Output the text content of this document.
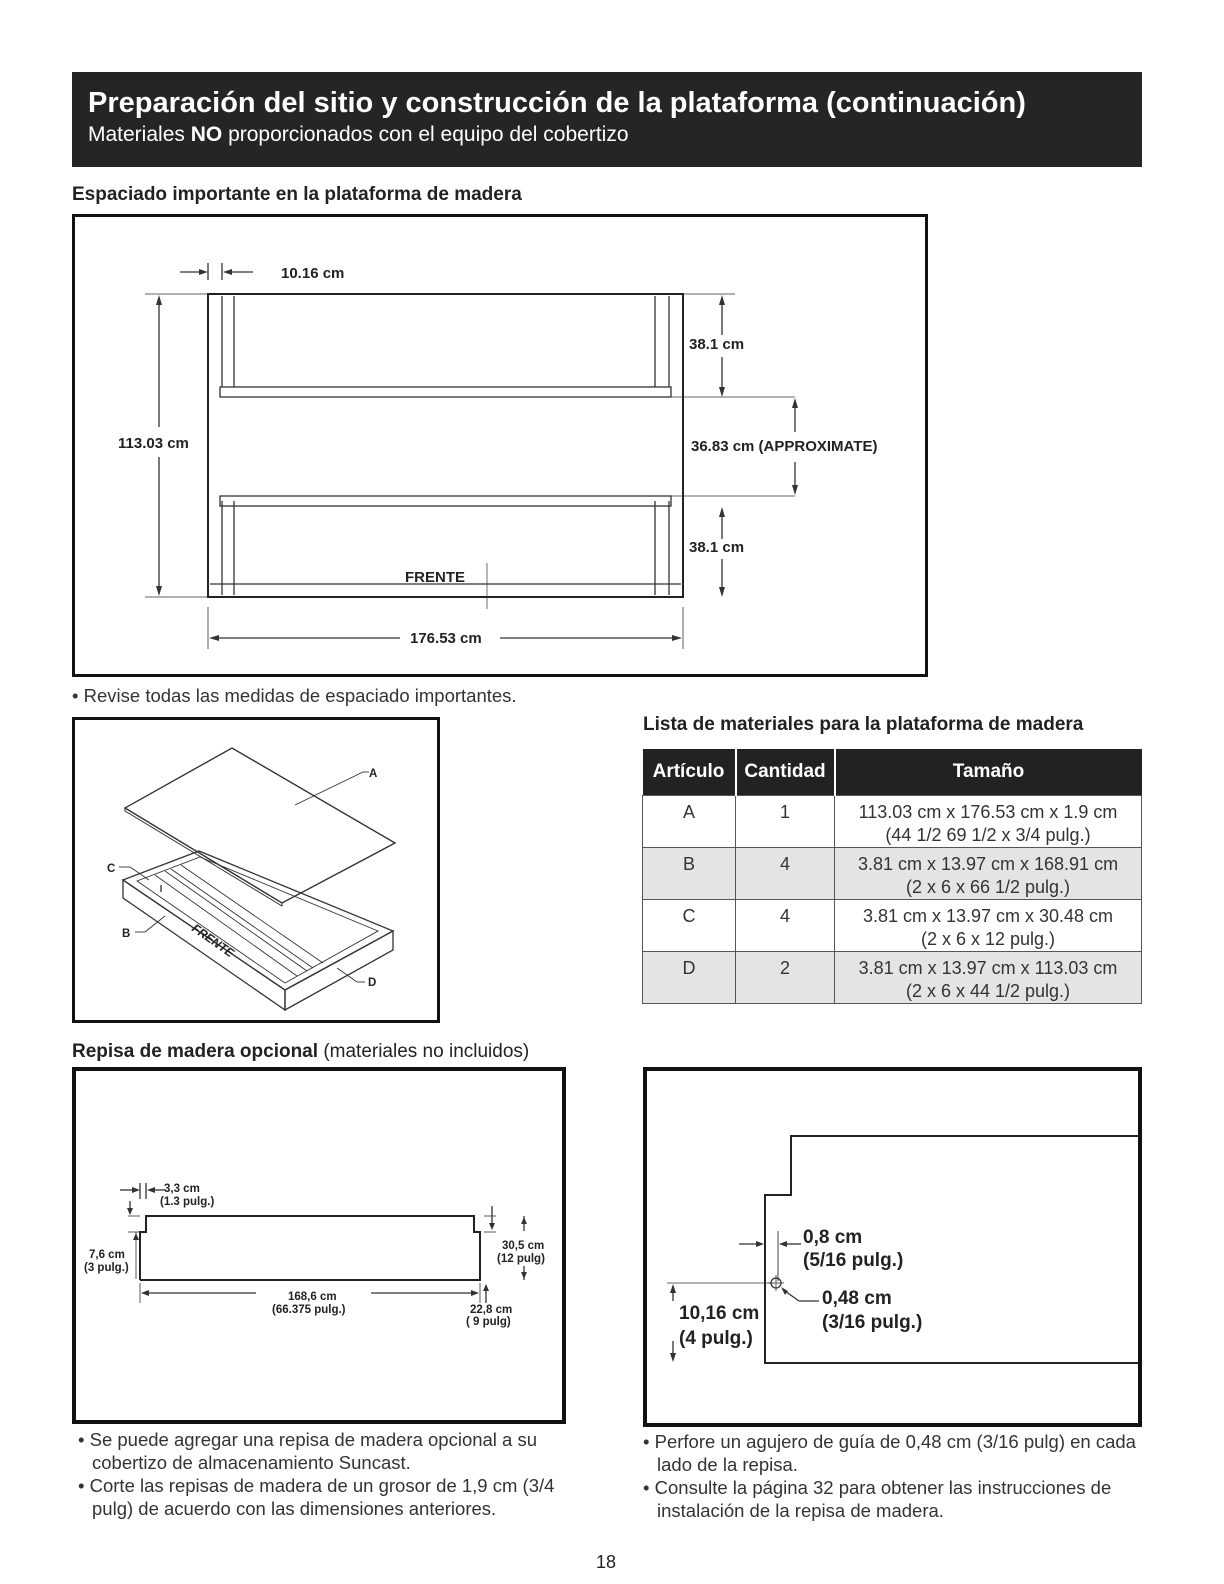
Preparación del sitio y construcción de la plataforma (continuación)
Materiales NO proporcionados con el equipo del cobertizo
Espaciado importante en la plataforma de madera
10.16 cm
113.03 cm
38.1 cm
36.83 cm (APPROXIMATE)
38.1 cm
FRENTE
176.53 cm
• Revise todas las medidas de espaciado importantes.
A
C
B
D
FRENTE
Lista de materiales para la plataforma de madera
Artículo	Cantidad	Tamaño
A	1	113.03 cm x 176.53 cm x 1.9 cm
(44 1/2 69 1/2 x 3/4 pulg.)

B	4	3.81 cm x 13.97 cm x 168.91 cm
(2 x 6 x 66 1/2 pulg.)

C	4	3.81 cm x 13.97 cm x 30.48 cm
(2 x 6 x 12 pulg.)

D	2	3.81 cm x 13.97 cm x 113.03 cm
(2 x 6 x 44 1/2 pulg.)
Repisa de madera opcional (materiales no incluidos)
3,3 cm
(1.3 pulg.)
7,6 cm
(3 pulg.)
30,5 cm
(12 pulg)
168,6 cm
(66.375 pulg.)	22,8 cm
( 9 pulg)
• Se puede agregar una repisa de madera opcional a su cobertizo de almacenamiento Suncast.
• Corte las repisas de madera de un grosor de 1,9 cm (3/4 pulg) de acuerdo con las dimensiones anteriores.
0,8 cm
(5/16 pulg.)
0,48 cm
(3/16 pulg.)
10,16 cm
(4 pulg.)
• Perfore un agujero de guía de 0,48 cm (3/16 pulg) en cada lado de la repisa.
• Consulte la página 32 para obtener las instrucciones de instalación de la repisa de madera.
18
